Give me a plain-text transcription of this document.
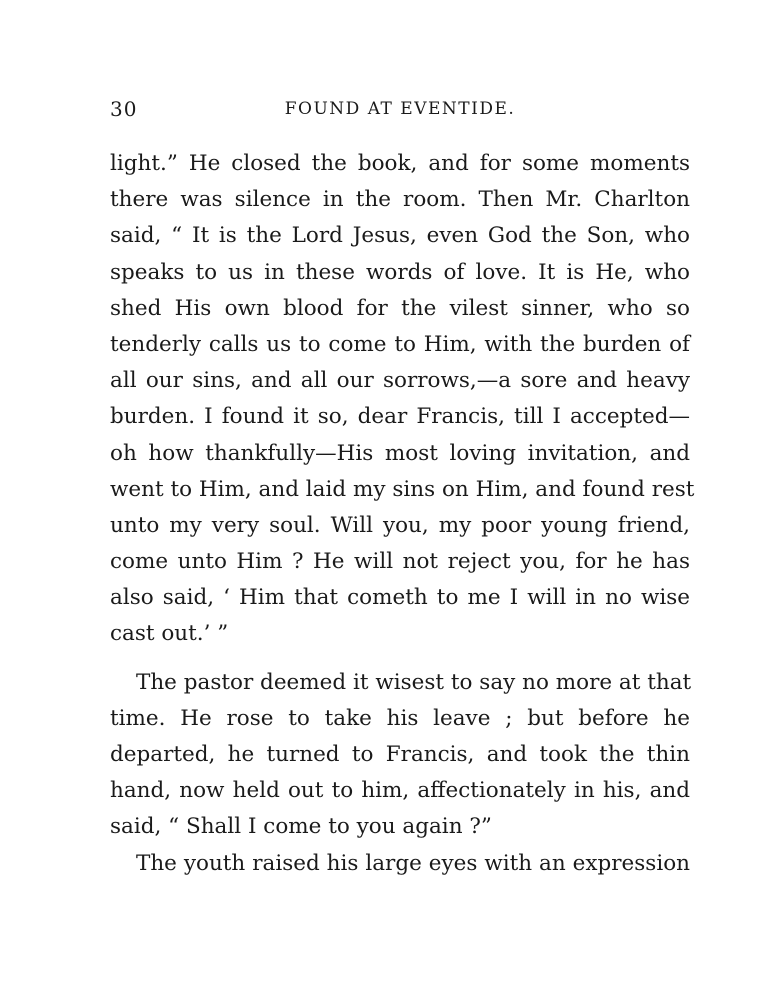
30	FOUND AT EVENTIDE.
light.” He closed the book, and for some moments
there was silence in the room. Then Mr. Charlton
said, “ It is the Lord Jesus, even God the Son, who
speaks to us in these words of love. It is He, who
shed His own blood for the vilest sinner, who so
tenderly calls us to come to Him, with the burden of
all our sins, and all our sorrows,—a sore and heavy
burden. I found it so, dear Francis, till I accepted—
oh how thankfully—His most loving invitation, and
went to Him, and laid my sins on Him, and found rest
unto my very soul. Will you, my poor young friend,
come unto Him ? He will not reject you, for he has
also said, ‘ Him that cometh to me I will in no wise
cast out.’ ”
The pastor deemed it wisest to say no more at that
time. He rose to take his leave ; but before he
departed, he turned to Francis, and took the thin
hand, now held out to him, affectionately in his, and
said, “ Shall I come to you again ?”
The youth raised his large eyes with an expression
